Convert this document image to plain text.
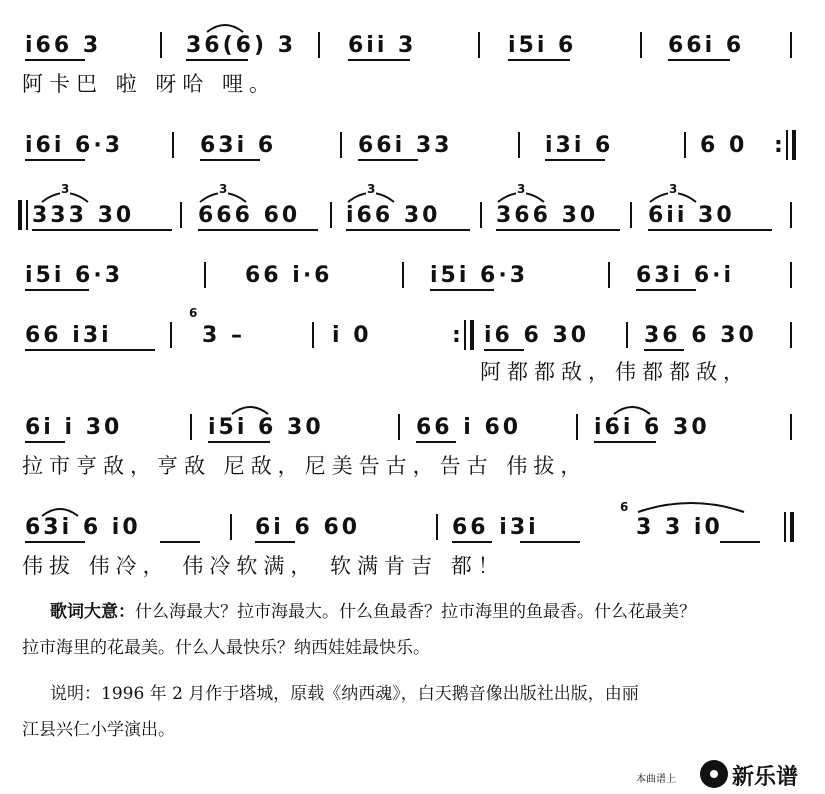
i66 3	36(6) 3 6ii 3	i5i 6	66i 6
阿卡巴 啦 呀哈 哩。
i6i 6·3	63i 6	66i 33	i3i 6	6 0 :
333 30	666 60 i66 30	366 30 6ii 30
3	3	3	3	3
i5i 6·3	66 i·6	i5i 6·3	63i 6·i
66 i3i
6
3 –	i 0	: i6 6 30 36 6 30
阿都都敌，伟都都敌，
6i i 30	i5i 6 30	66 i 60	i6i 6 30
拉市亨敌，亨敌 尼敌，尼美告古，告古 伟拔，
63i 6 i0	6i 6 60	66 i3i
6
3 3 i0
伟拔 伟冷， 伟冷软满， 软满肯吉 都！
歌词大意：什么海最大？拉市海最大。什么鱼最香？拉市海里的鱼最香。什么花最美？
拉市海里的花最美。什么人最快乐？纳西娃娃最快乐。
说明：1996 年 2 月作于塔城，原载《纳西魂》，白天鹅音像出版社出版，由丽
江县兴仁小学演出。
本曲谱上	新乐谱
